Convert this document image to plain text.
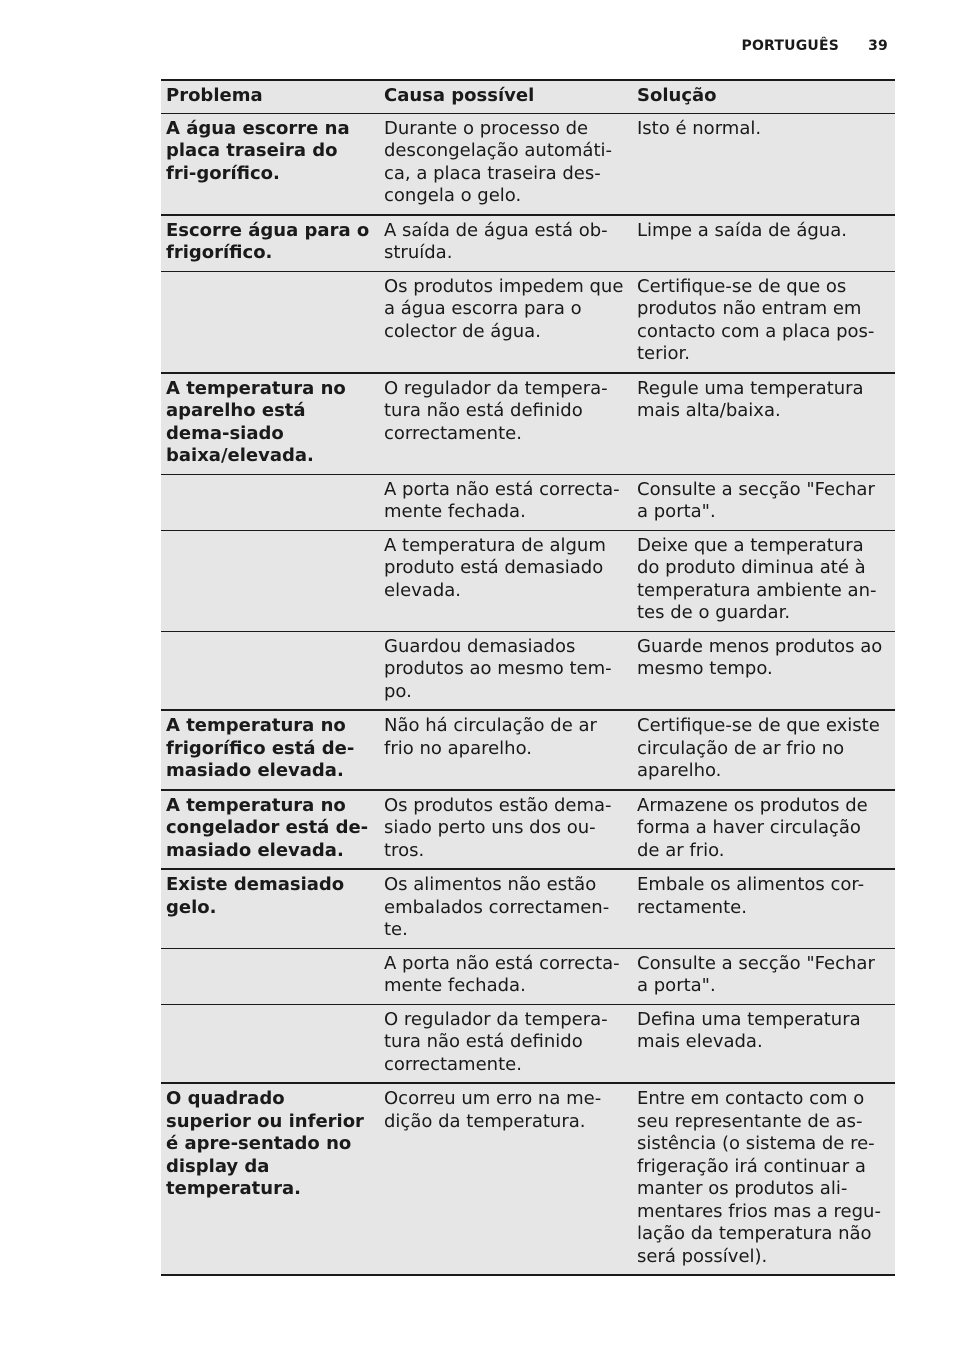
PORTUGUÊS 39
Problema	Causa possível	Solução
A água escorre na placa traseira do fri-gorífico.	Durante o processo de descongelação automáti-ca, a placa traseira des-congela o gelo.	Isto é normal.
Escorre água para o frigorífico.	A saída de água está ob-struída.	Limpe a saída de água.
	Os produtos impedem que a água escorra para o colector de água.	Certifique-se de que os produtos não entram em contacto com a placa pos-terior.
A temperatura no aparelho está dema-siado baixa/elevada.	O regulador da tempera-tura não está definido correctamente.	Regule uma temperatura mais alta/baixa.
	A porta não está correcta-mente fechada.	Consulte a secção "Fechar a porta".
	A temperatura de algum produto está demasiado elevada.	Deixe que a temperatura do produto diminua até à temperatura ambiente an-tes de o guardar.
	Guardou demasiados produtos ao mesmo tem-po.	Guarde menos produtos ao mesmo tempo.
A temperatura no frigorífico está de-masiado elevada.	Não há circulação de ar frio no aparelho.	Certifique-se de que existe circulação de ar frio no aparelho.
A temperatura no congelador está de-masiado elevada.	Os produtos estão dema-siado perto uns dos ou-tros.	Armazene os produtos de forma a haver circulação de ar frio.
Existe demasiado gelo.	Os alimentos não estão embalados correctamen-te.	Embale os alimentos cor-rectamente.
	A porta não está correcta-mente fechada.	Consulte a secção "Fechar a porta".
	O regulador da tempera-tura não está definido correctamente.	Defina uma temperatura mais elevada.
O quadrado superior ou inferior é apre-sentado no display da temperatura.	Ocorreu um erro na me-dição da temperatura.	Entre em contacto com o seu representante de as-sistência (o sistema de re-frigeração irá continuar a manter os produtos ali-mentares frios mas a regu-lação da temperatura não será possível).
